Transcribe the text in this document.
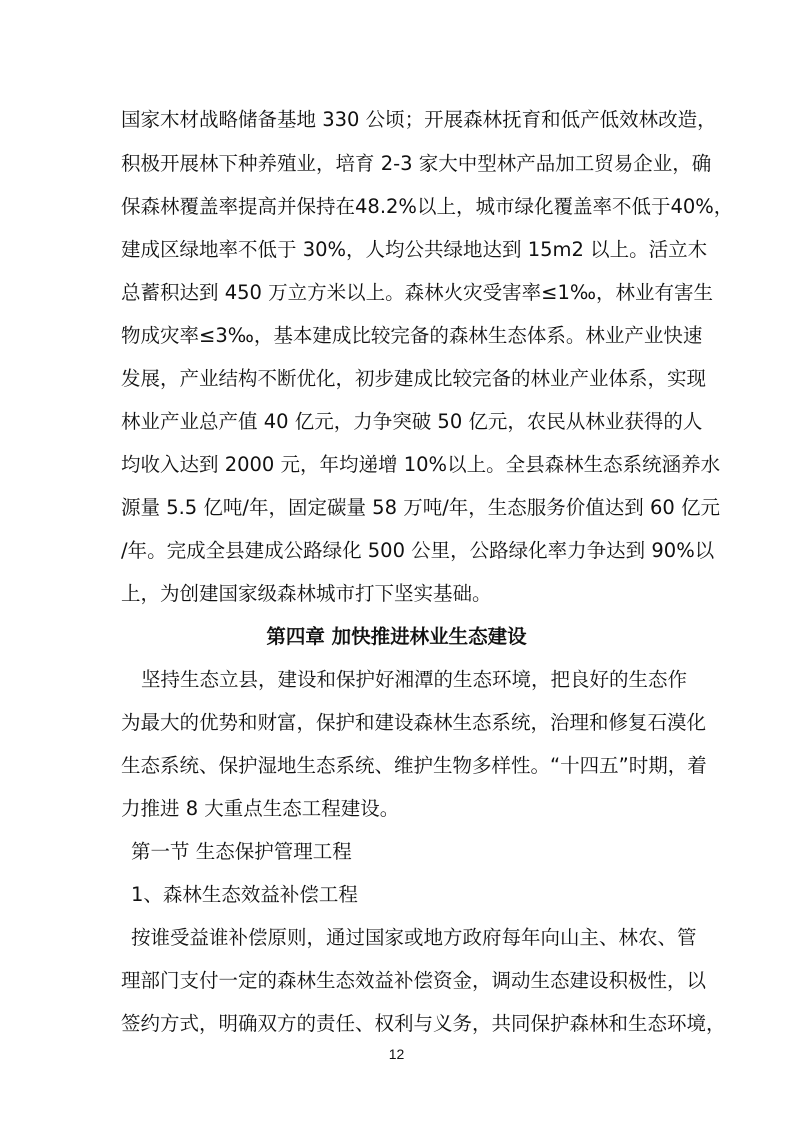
国家木材战略储备基地 330 公顷；开展森林抚育和低产低效林改造，
积极开展林下种养殖业，培育 2-3 家大中型林产品加工贸易企业，确
保森林覆盖率提高并保持在48.2%以上，城市绿化覆盖率不低于40%，
建成区绿地率不低于 30%，人均公共绿地达到 15m2 以上。活立木
总蓄积达到 450 万立方米以上。森林火灾受害率≤1‰，林业有害生
物成灾率≤3‰，基本建成比较完备的森林生态体系。林业产业快速
发展，产业结构不断优化，初步建成比较完备的林业产业体系，实现
林业产业总产值 40 亿元，力争突破 50 亿元，农民从林业获得的人
均收入达到 2000 元，年均递增 10%以上。全县森林生态系统涵养水
源量 5.5 亿吨/年，固定碳量 58 万吨/年，生态服务价值达到 60 亿元
/年。完成全县建成公路绿化 500 公里，公路绿化率力争达到 90%以
上，为创建国家级森林城市打下坚实基础。
第四章 加快推进林业生态建设
坚持生态立县，建设和保护好湘潭的生态环境，把良好的生态作
为最大的优势和财富，保护和建设森林生态系统，治理和修复石漠化
生态系统、保护湿地生态系统、维护生物多样性。“十四五”时期，着
力推进 8 大重点生态工程建设。
第一节 生态保护管理工程
1、森林生态效益补偿工程
按谁受益谁补偿原则，通过国家或地方政府每年向山主、林农、管
理部门支付一定的森林生态效益补偿资金，调动生态建设积极性，以
签约方式，明确双方的责任、权利与义务，共同保护森林和生态环境，
12
